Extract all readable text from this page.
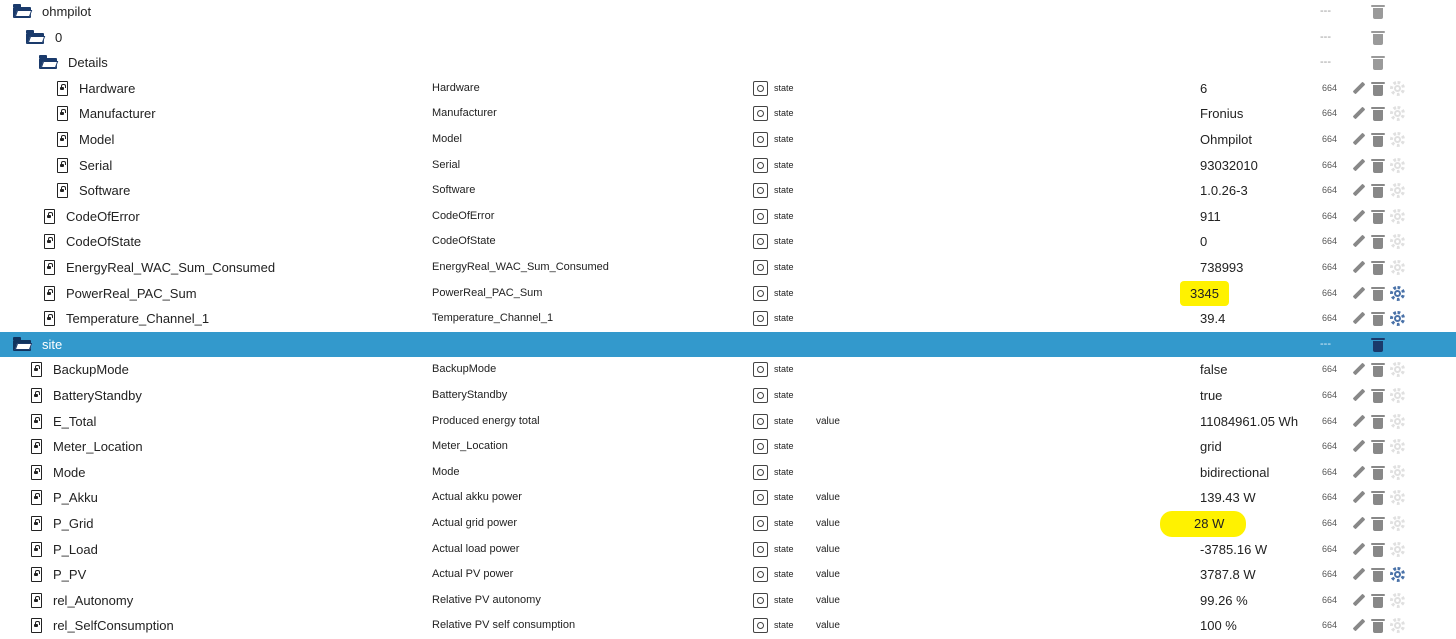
ohmpilot	---
0	---
Details	---
Hardware	Hardware	state	6	664
Manufacturer	Manufacturer	state	Fronius	664
Model	Model	state	Ohmpilot	664
Serial	Serial	state	93032010	664
Software	Software	state	1.0.26-3	664
CodeOfError	CodeOfError	state	911	664
CodeOfState	CodeOfState	state	0	664
EnergyReal_WAC_Sum_Consumed	EnergyReal_WAC_Sum_Consumed	state	738993	664
PowerReal_PAC_Sum	PowerReal_PAC_Sum	state	3345	664
Temperature_Channel_1	Temperature_Channel_1	state	39.4	664
site	---
BackupMode	BackupMode	state	false	664
BatteryStandby	BatteryStandby	state	true	664
E_Total	Produced energy total	state value	11084961.05 Wh	664
Meter_Location	Meter_Location	state	grid	664
Mode	Mode	state	bidirectional	664
P_Akku	Actual akku power	state value	139.43 W	664
P_Grid	Actual grid power	state value	28 W	664
P_Load	Actual load power	state value	-3785.16 W	664
P_PV	Actual PV power	state value	3787.8 W	664
rel_Autonomy	Relative PV autonomy	state value	99.26 %	664
rel_SelfConsumption	Relative PV self consumption	state value	100 %	664
